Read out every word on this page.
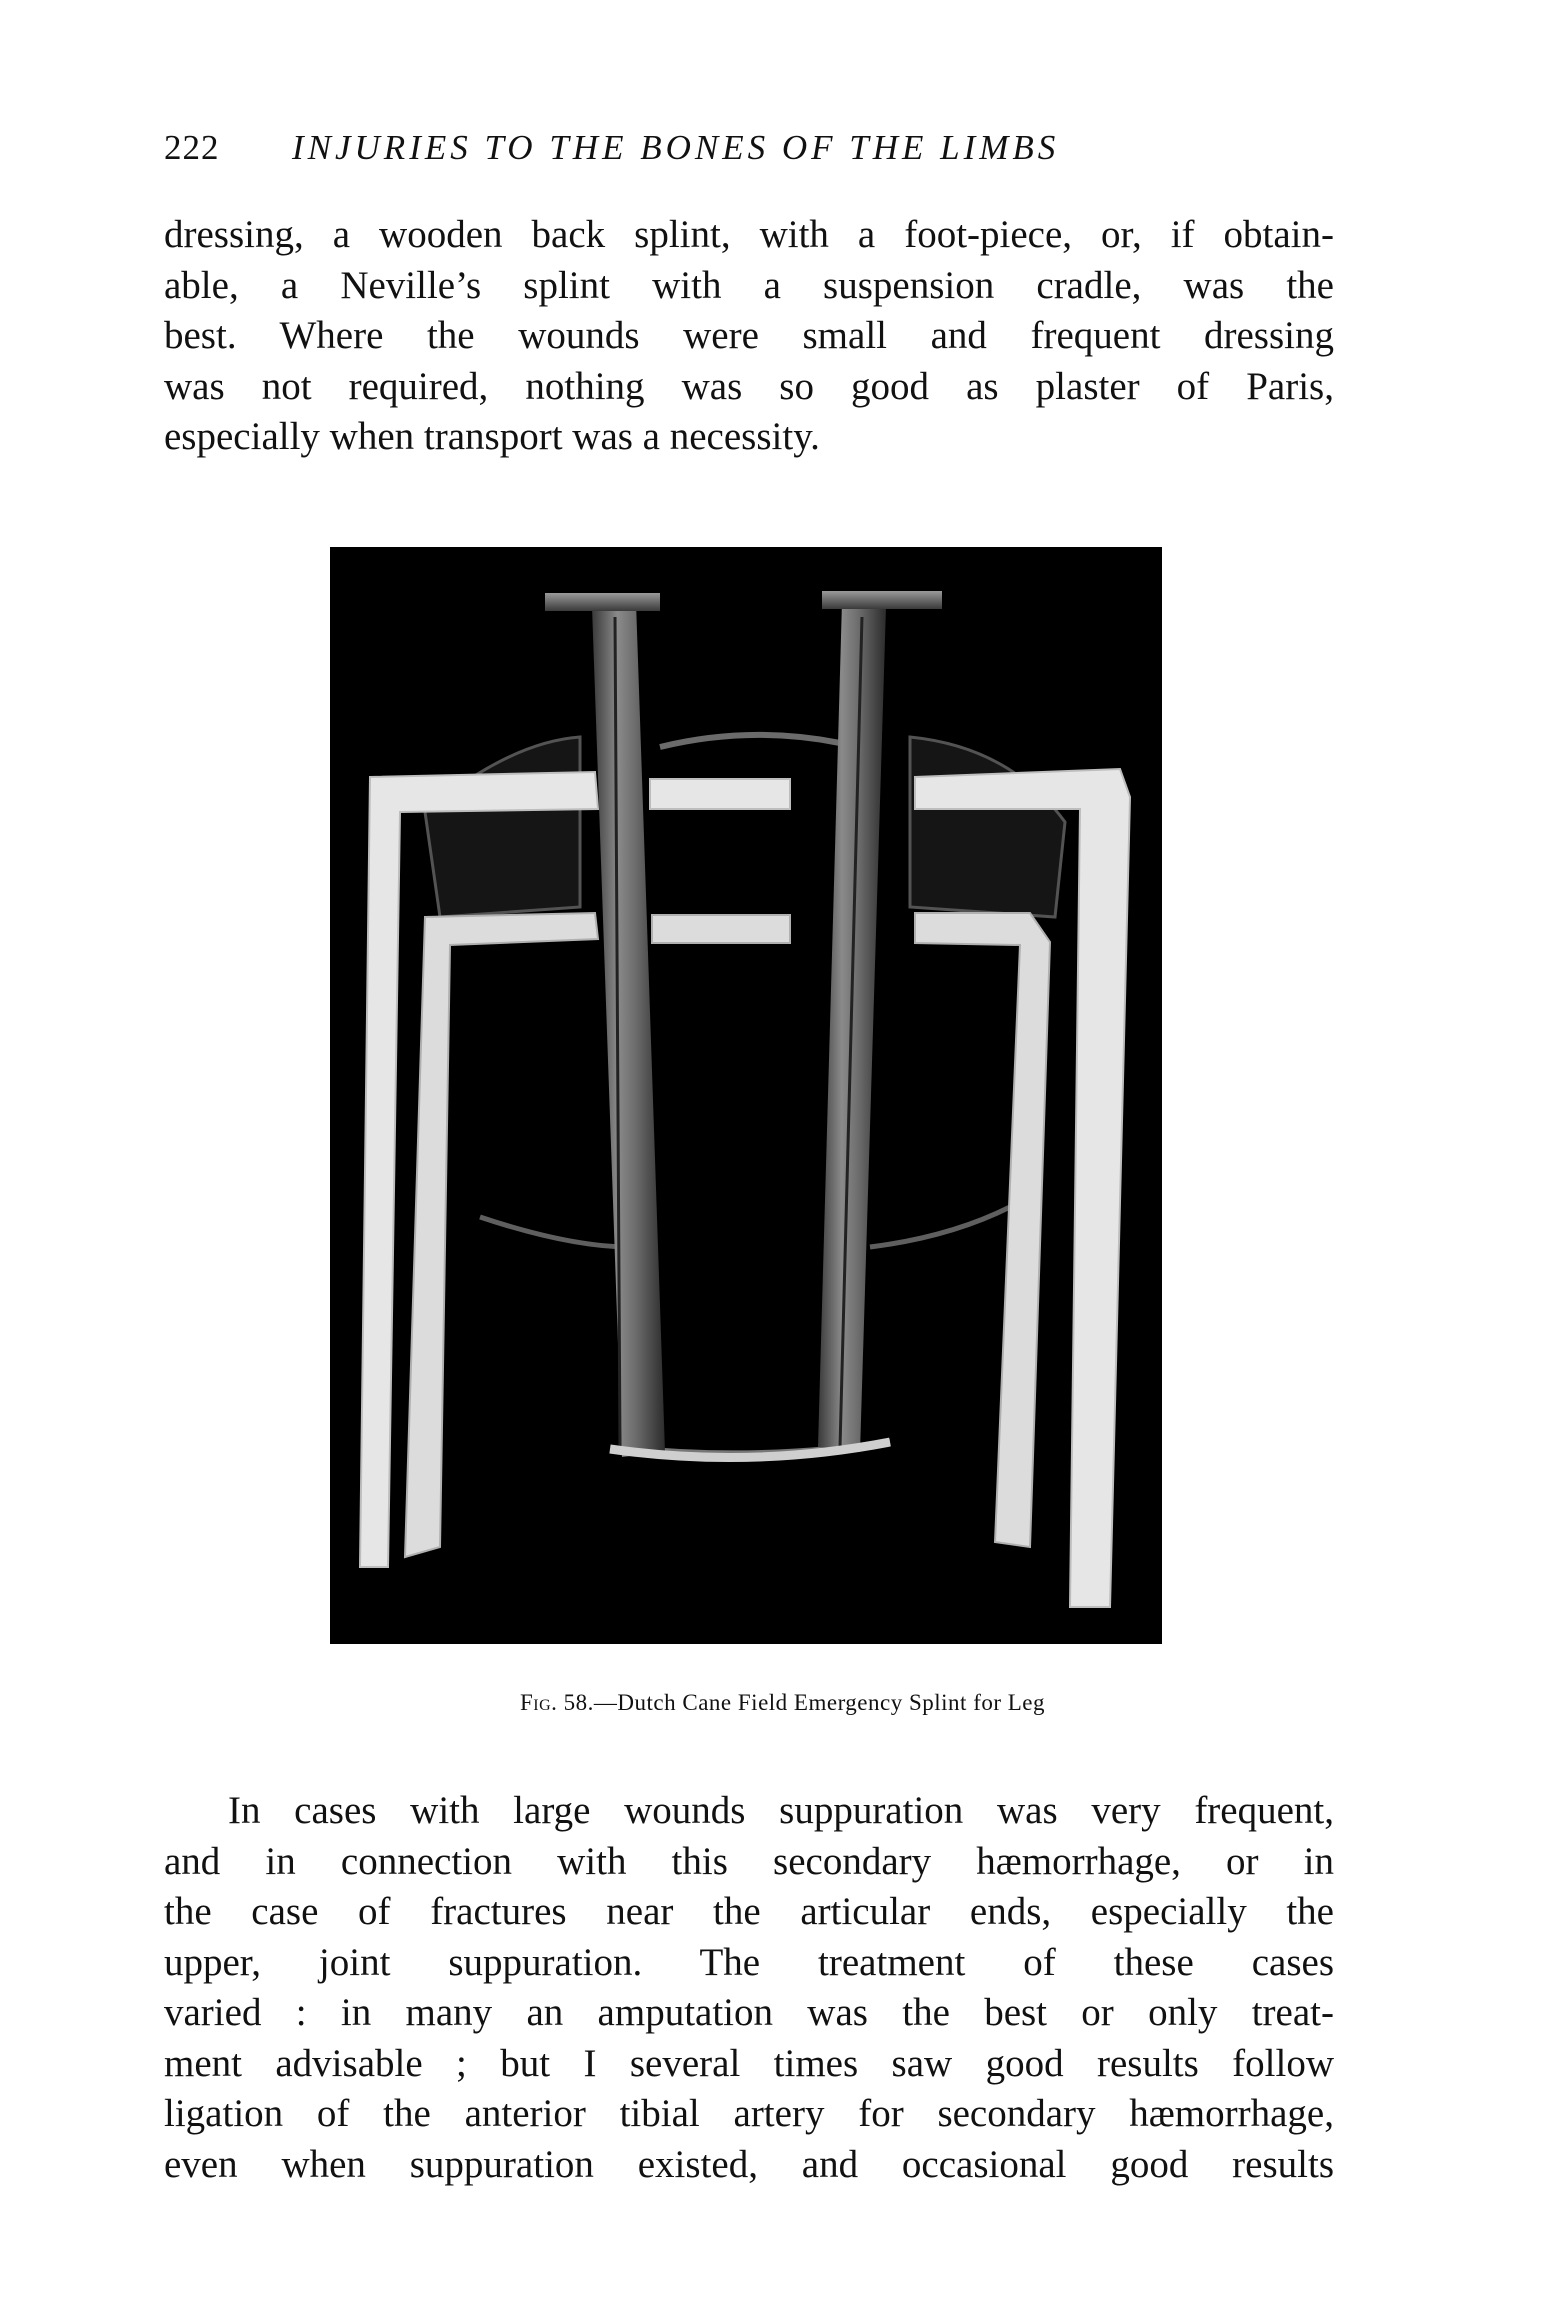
222 INJURIES TO THE BONES OF THE LIMBS
dressing, a wooden back splint, with a foot-piece, or, if obtain-
able, a Neville’s splint with a suspension cradle, was the
best. Where the wounds were small and frequent dressing
was not required, nothing was so good as plaster of Paris,
especially when transport was a necessity.
Fig. 58.—Dutch Cane Field Emergency Splint for Leg
In cases with large wounds suppuration was very frequent,
and in connection with this secondary hæmorrhage, or in
the case of fractures near the articular ends, especially the
upper, joint suppuration. The treatment of these cases
varied : in many an amputation was the best or only treat-
ment advisable ; but I several times saw good results follow
ligation of the anterior tibial artery for secondary hæmorrhage,
even when suppuration existed, and occasional good results
